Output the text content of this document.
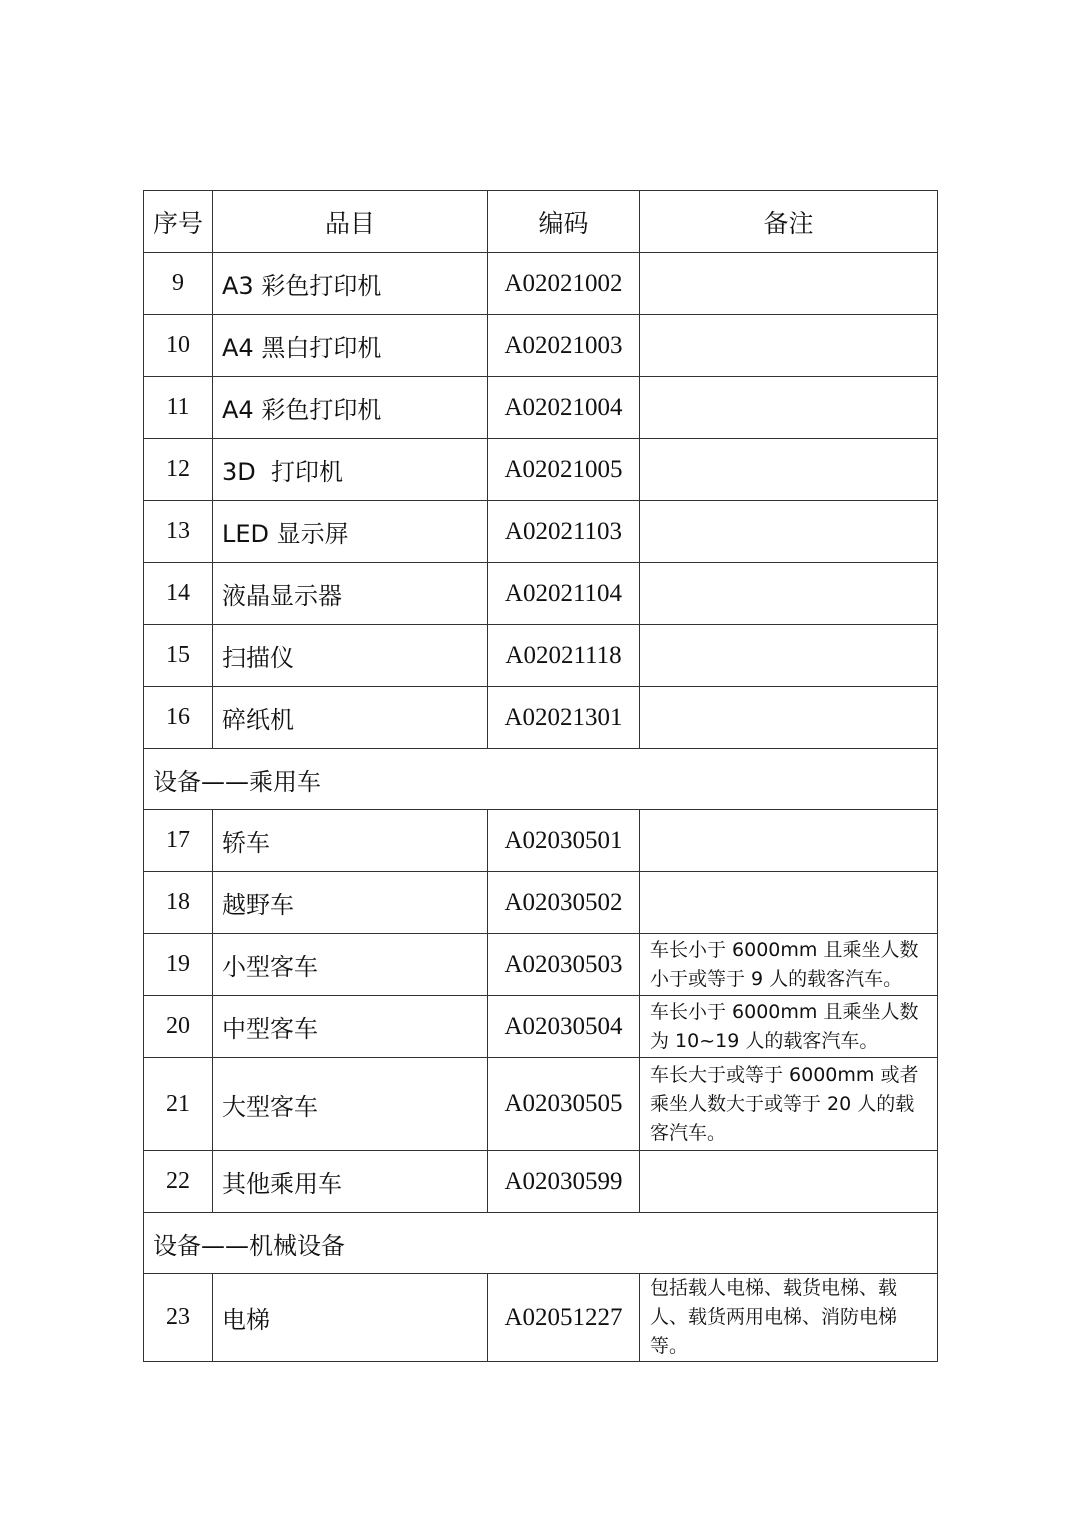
序号	品目	编码	备注
9	A3 彩色打印机	A02021002	
10	A4 黑白打印机	A02021003	
11	A4 彩色打印机	A02021004	
12	3D  打印机	A02021005	
13	LED 显示屏	A02021103	
14	液晶显示器	A02021104	
15	扫描仪	A02021118	
16	碎纸机	A02021301	
设备——乘用车			
17	轿车	A02030501	
18	越野车	A02030502	
19	小型客车	A02030503	车长小于 6000mm 且乘坐人数小于或等于 9 人的载客汽车。
20	中型客车	A02030504	车长小于 6000mm 且乘坐人数为 10~19 人的载客汽车。
21	大型客车	A02030505	车长大于或等于 6000mm 或者乘坐人数大于或等于 20 人的载客汽车。
22	其他乘用车	A02030599	
设备——机械设备			
23	电梯	A02051227	包括载人电梯、载货电梯、载人、载货两用电梯、消防电梯等。
